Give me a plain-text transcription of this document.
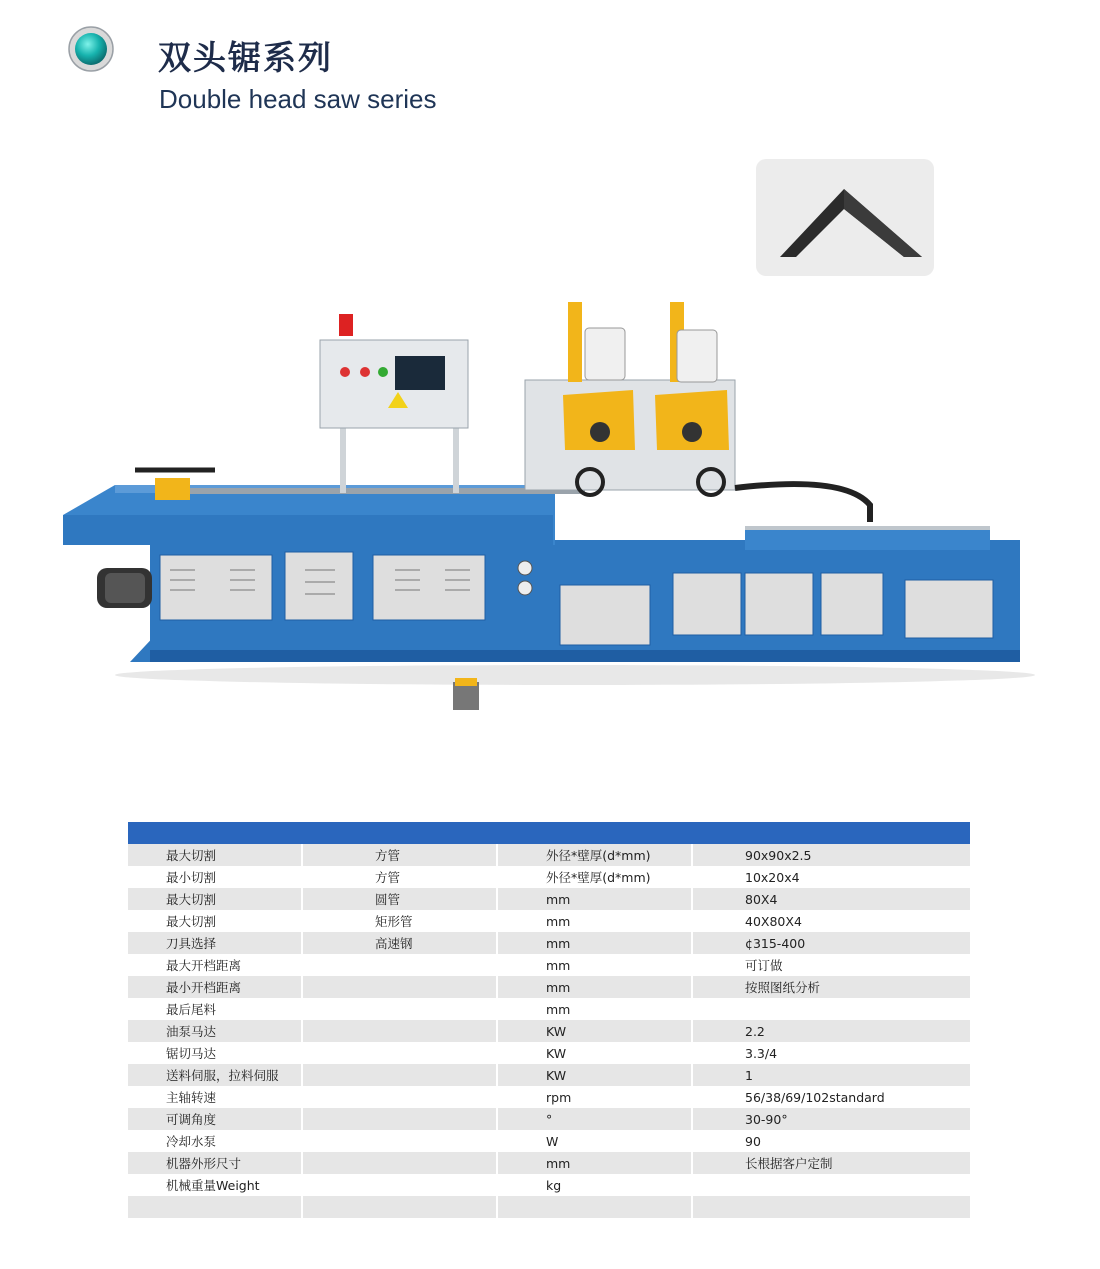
双头锯系列
Double head saw series

最大切割	方管	外径*壁厚(d*mm)	90x90x2.5
最小切割	方管	外径*壁厚(d*mm)	10x20x4
最大切割	圆管	mm	80X4
最大切割	矩形管	mm	40X80X4
刀具选择	高速钢	mm	¢315-400
最大开档距离		mm	可订做
最小开档距离		mm	按照图纸分析
最后尾料		mm	
油泵马达		KW	2.2
锯切马达		KW	3.3/4
送料伺服，拉料伺服		KW	1
主轴转速		rpm	56/38/69/102standard
可调角度		°	30-90°
冷却水泵		W	90
机器外形尺寸		mm	长根据客户定制
机械重量Weight		kg	
